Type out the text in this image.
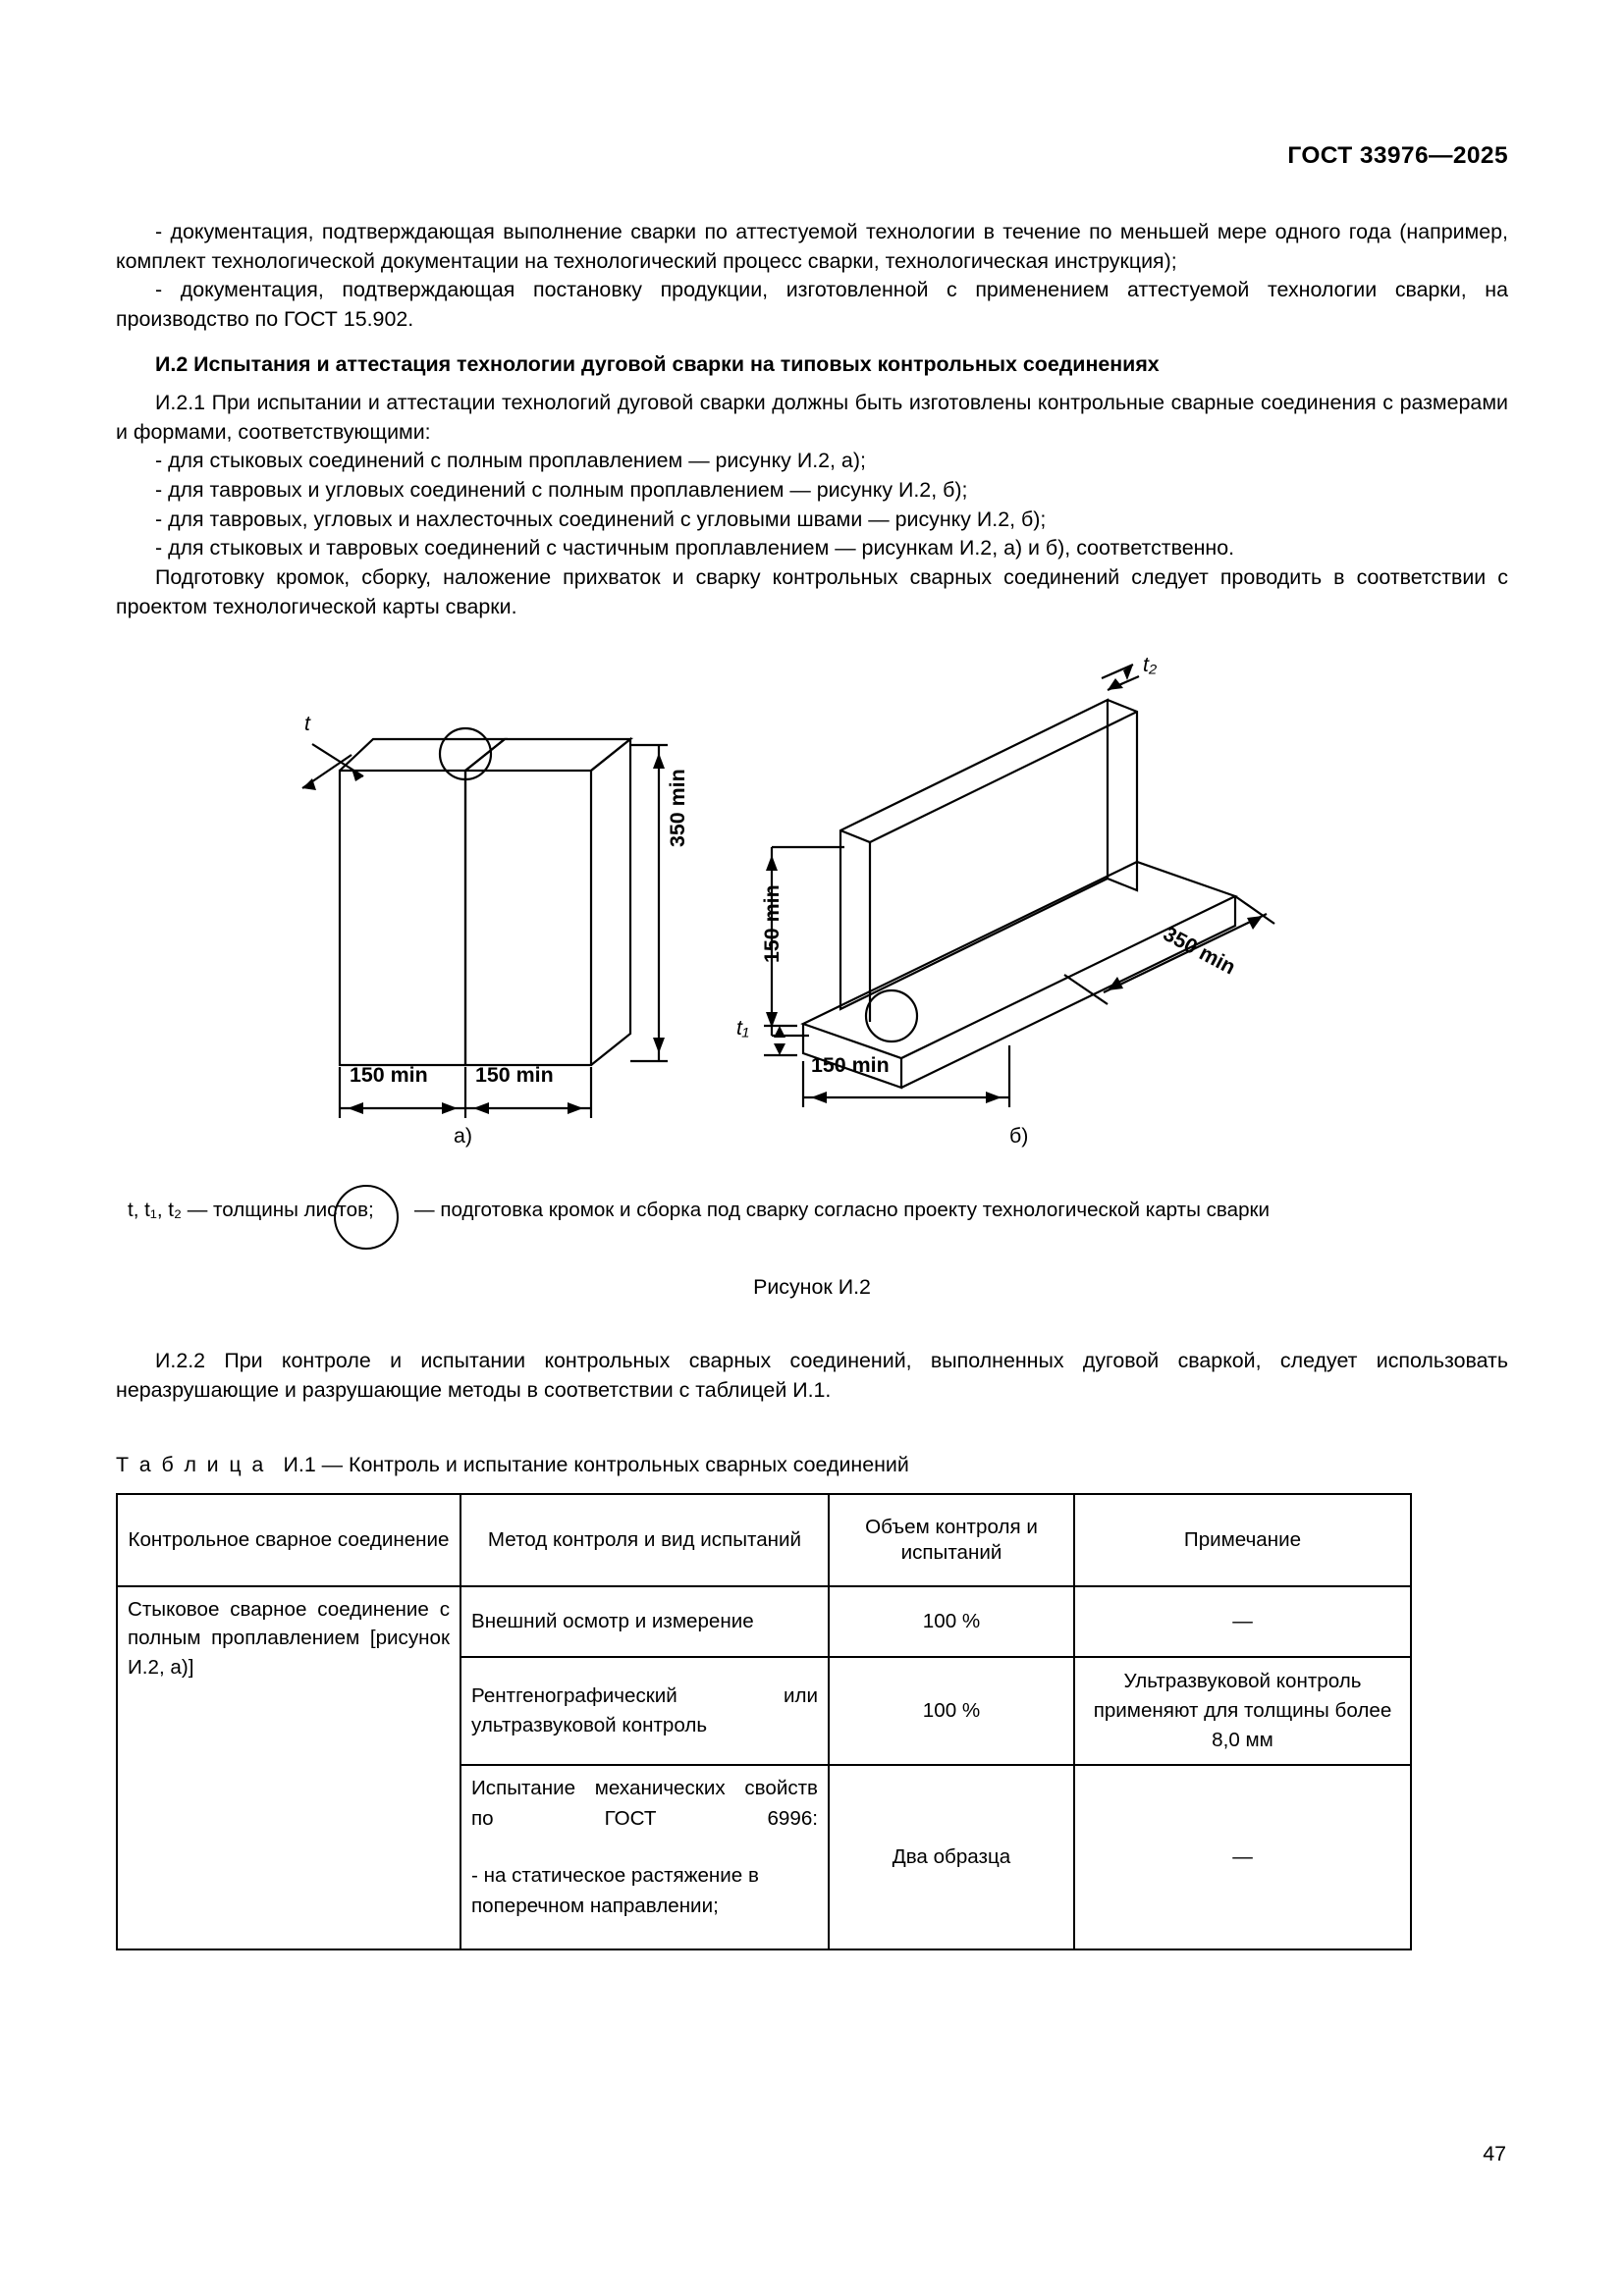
ГОСТ 33976—2025

- документация, подтверждающая выполнение сварки по аттестуемой технологии в течение по меньшей мере одного года (например, комплект технологической документации на технологический процесс сварки, технологическая инструкция);

- документация, подтверждающая постановку продукции, изготовленной с применением аттестуемой технологии сварки, на производство по ГОСТ 15.902.

И.2 Испытания и аттестация технологии дуговой сварки на типовых контрольных соединениях

И.2.1 При испытании и аттестации технологий дуговой сварки должны быть изготовлены контрольные сварные соединения с размерами и формами, соответствующими:

- для стыковых соединений с полным проплавлением — рисунку И.2, а);

- для тавровых и угловых соединений с полным проплавлением — рисунку И.2, б);

- для тавровых, угловых и нахлесточных соединений с угловыми швами — рисунку И.2, б);

- для стыковых и тавровых соединений с частичным проплавлением — рисункам И.2, а) и б), соответственно.

Подготовку кромок, сборку, наложение прихваток и сварку контрольных сварных соединений следует проводить в соответствии с проектом технологической карты сварки.

t
350 min
150 min 150 min
t₂
150 min
t₁
150 min
350 min
а)	б)
t, t₁, t₂ — толщины листов; — подготовка кромок и сборка под сварку согласно проекту технологической карты сварки
Рисунок И.2

И.2.2 При контроле и испытании контрольных сварных соединений, выполненных дуговой сваркой, следует использовать неразрушающие и разрушающие методы в соответствии с таблицей И.1.

Т а б л и ц а И.1 — Контроль и испытание контрольных сварных соединений
Контрольное сварное соединение	Метод контроля и вид испытаний	Объем контроля и испытаний	Примечание
Стыковое сварное соединение с полным проплавлением [рисунок И.2, а)]	Внешний осмотр и измерение	100 %	—
	Рентгенографический или ультразвуковой контроль	100 %	Ультразвуковой контроль применяют для толщины более 8,0 мм

	Испытание механических свойств по ГОСТ 6996:
- на статическое растяжение в поперечном направлении;	Два образца	—
47
